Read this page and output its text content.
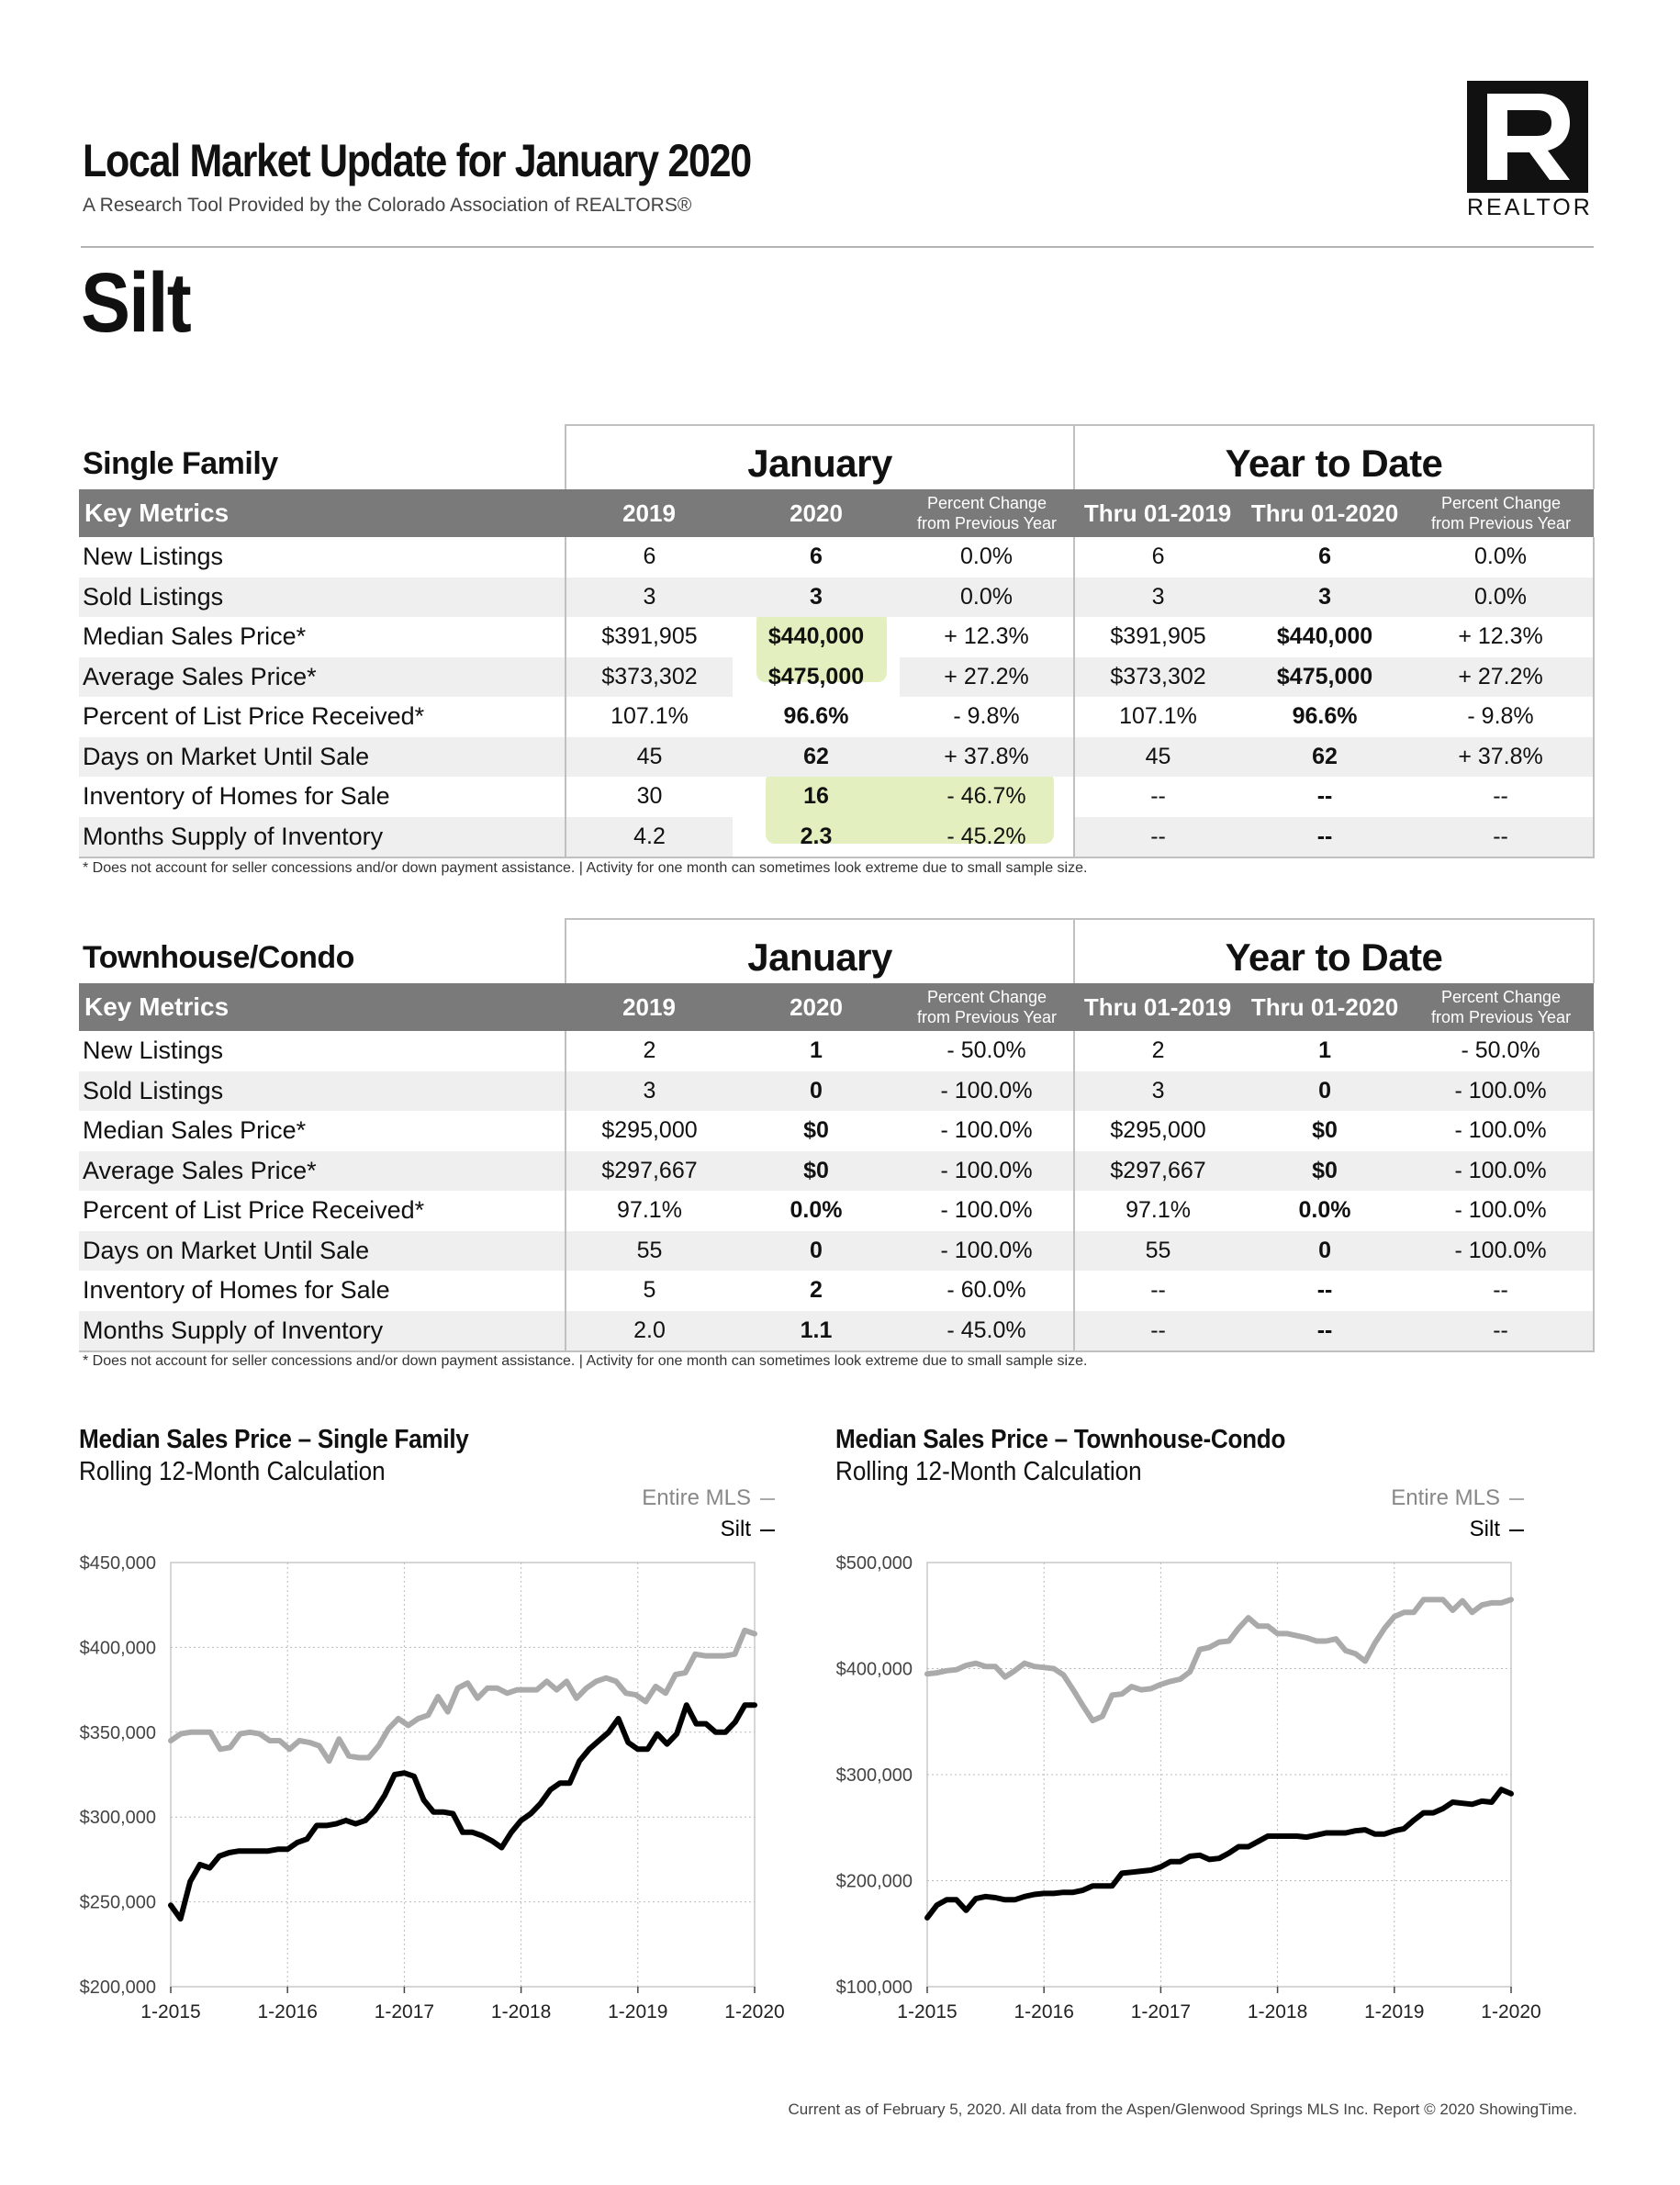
Local Market Update for January 2020
A Research Tool Provided by the Colorado Association of REALTORS®	REALTOR
Silt
Single Family	January			Year to Date		
Key Metrics	2019	2020	Percent Change
from Previous Year	Thru 01-2019	Thru 01-2020	Percent Change
from Previous Year
New Listings	6	6	0.0%	6	6	0.0%
Sold Listings	3	3	0.0%	3	3	0.0%
Median Sales Price*	$391,905	$440,000	+ 12.3%	$391,905	$440,000	+ 12.3%
Average Sales Price*	$373,302	$475,000	+ 27.2%	$373,302	$475,000	+ 27.2%
Percent of List Price Received*	107.1%	96.6%	- 9.8%	107.1%	96.6%	- 9.8%
Days on Market Until Sale	45	62	+ 37.8%	45	62	+ 37.8%
Inventory of Homes for Sale	30	16	- 46.7%	--	--	--
Months Supply of Inventory	4.2	2.3	- 45.2%	--	--	--
* Does not account for seller concessions and/or down payment assistance. | Activity for one month can sometimes look extreme due to small sample size.
Townhouse/Condo	January			Year to Date		
Key Metrics	2019	2020	Percent Change
from Previous Year	Thru 01-2019	Thru 01-2020	Percent Change
from Previous Year
New Listings	2	1	- 50.0%	2	1	- 50.0%
Sold Listings	3	0	- 100.0%	3	0	- 100.0%
Median Sales Price*	$295,000	$0	- 100.0%	$295,000	$0	- 100.0%
Average Sales Price*	$297,667	$0	- 100.0%	$297,667	$0	- 100.0%
Percent of List Price Received*	97.1%	0.0%	- 100.0%	97.1%	0.0%	- 100.0%
Days on Market Until Sale	55	0	- 100.0%	55	0	- 100.0%
Inventory of Homes for Sale	5	2	- 60.0%	--	--	--
Months Supply of Inventory	2.0	1.1	- 45.0%	--	--	--
* Does not account for seller concessions and/or down payment assistance. | Activity for one month can sometimes look extreme due to small sample size.
Median Sales Price – Single Family
Rolling 12-Month Calculation
Entire MLS
Silt
$450,000
$400,000
$350,000
$300,000
$250,000
$200,000
1-2015	1-2016	1-2017	1-2018	1-2019	1-2020
$500,000
$400,000
$300,000
$200,000
$100,000
1-2015	1-2016	1-2017	1-2018	1-2019	1-2020
Median Sales Price – Townhouse-Condo
Rolling 12-Month Calculation
Entire MLS
Silt
Current as of February 5, 2020. All data from the Aspen/Glenwood Springs MLS Inc. Report © 2020 ShowingTime.
